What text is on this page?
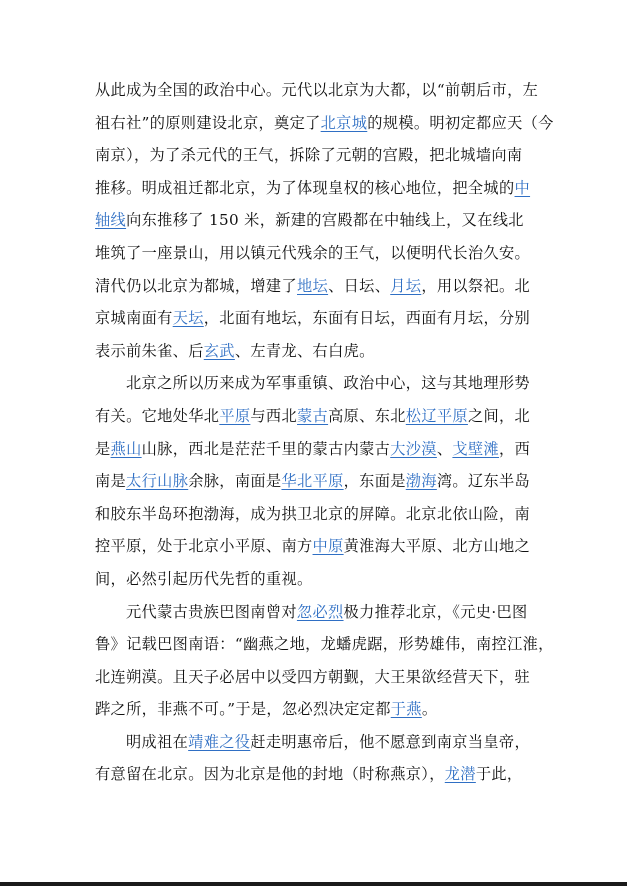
从此成为全国的政治中心。元代以北京为大都，以“前朝后市，左
祖右社”的原则建设北京，奠定了北京城的规模。明初定都应天（今
南京），为了杀元代的王气，拆除了元朝的宫殿，把北城墙向南
推移。明成祖迁都北京，为了体现皇权的核心地位，把全城的中
轴线向东推移了 150 米，新建的宫殿都在中轴线上，又在线北
堆筑了一座景山，用以镇元代残余的王气，以便明代长治久安。
清代仍以北京为都城，增建了地坛、日坛、月坛，用以祭祀。北
京城南面有天坛，北面有地坛，东面有日坛，西面有月坛，分别
表示前朱雀、后玄武、左青龙、右白虎。
北京之所以历来成为军事重镇、政治中心，这与其地理形势
有关。它地处华北平原与西北蒙古高原、东北松辽平原之间，北
是燕山山脉，西北是茫茫千里的蒙古内蒙古大沙漠、戈壁滩，西
南是太行山脉余脉，南面是华北平原，东面是渤海湾。辽东半岛
和胶东半岛环抱渤海，成为拱卫北京的屏障。北京北依山险，南
控平原，处于北京小平原、南方中原黄淮海大平原、北方山地之
间，必然引起历代先哲的重视。
元代蒙古贵族巴图南曾对忽必烈极力推荐北京，《元史·巴图
鲁》记载巴图南语：“幽燕之地，龙蟠虎踞，形势雄伟，南控江淮，
北连朔漠。且天子必居中以受四方朝觐，大王果欲经营天下，驻
跸之所，非燕不可。”于是，忽必烈决定定都于燕。
明成祖在靖难之役赶走明惠帝后，他不愿意到南京当皇帝，
有意留在北京。因为北京是他的封地（时称燕京），龙潜于此，
